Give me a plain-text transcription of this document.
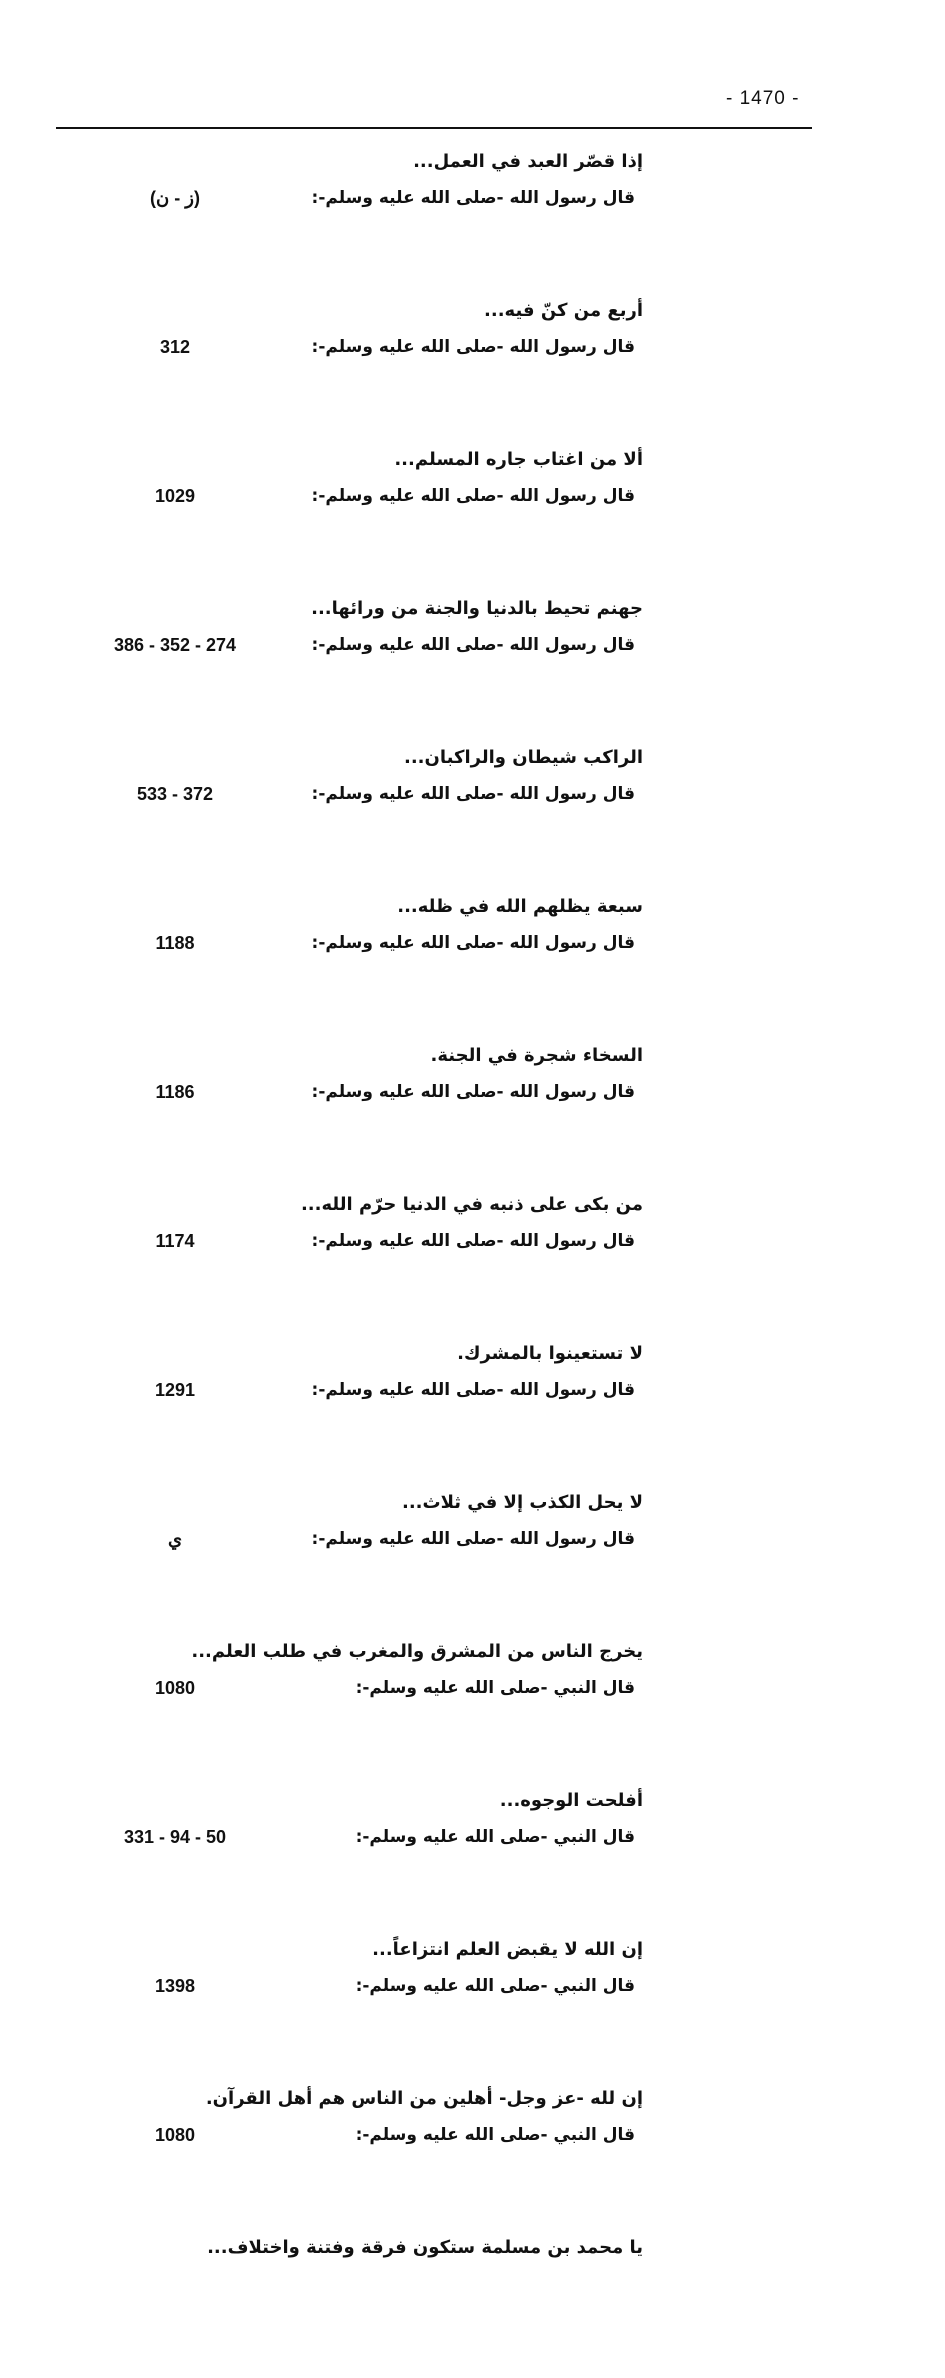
- 1470 -
إذا قصّر العبد في العمل...
قال رسول الله -صلى الله عليه وسلم-:
(ز - ن)
أربع من كنّ فيه...
قال رسول الله -صلى الله عليه وسلم-:
312
ألا من اغتاب جاره المسلم...
قال رسول الله -صلى الله عليه وسلم-:
1029
جهنم تحيط بالدنيا والجنة من ورائها...
قال رسول الله -صلى الله عليه وسلم-:
386 - 352 - 274
الراكب شيطان والراكبان...
قال رسول الله -صلى الله عليه وسلم-:
533 - 372
سبعة يظلهم الله في ظله...
قال رسول الله -صلى الله عليه وسلم-:
1188
السخاء شجرة في الجنة.
قال رسول الله -صلى الله عليه وسلم-:
1186
من بكى على ذنبه في الدنيا حرّم الله...
قال رسول الله -صلى الله عليه وسلم-:
1174
لا تستعينوا بالمشرك.
قال رسول الله -صلى الله عليه وسلم-:
1291
لا يحل الكذب إلا في ثلاث...
قال رسول الله -صلى الله عليه وسلم-:
ي
يخرج الناس من المشرق والمغرب في طلب العلم...
قال النبي -صلى الله عليه وسلم-:
1080
أفلحت الوجوه...
قال النبي -صلى الله عليه وسلم-:
331 - 94 - 50
إن الله لا يقبض العلم انتزاعاً...
قال النبي -صلى الله عليه وسلم-:
1398
إن لله -عز وجل- أهلين من الناس هم أهل القرآن.
قال النبي -صلى الله عليه وسلم-:
1080
يا محمد بن مسلمة ستكون فرقة وفتنة واختلاف...
